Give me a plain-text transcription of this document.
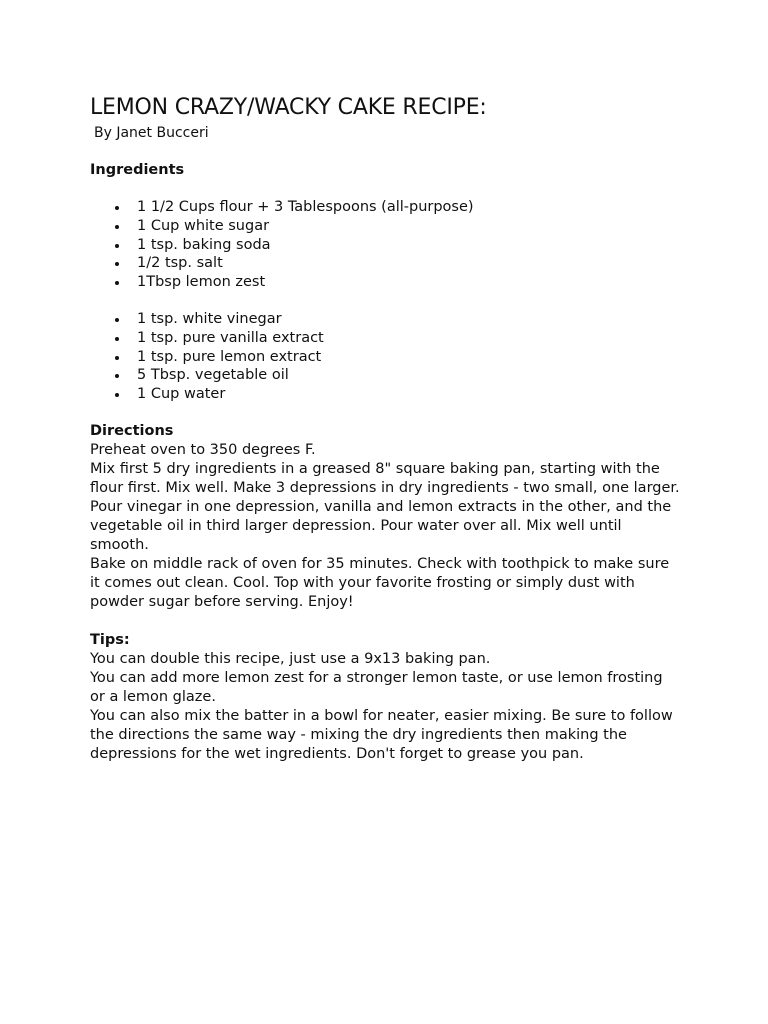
LEMON CRAZY/WACKY CAKE RECIPE:
By Janet Bucceri
Ingredients
1 1/2 Cups flour + 3 Tablespoons (all-purpose)
1 Cup white sugar
1 tsp. baking soda
1/2 tsp. salt
1Tbsp lemon zest
1 tsp. white vinegar
1 tsp. pure vanilla extract
1 tsp. pure lemon extract
5 Tbsp. vegetable oil
1 Cup water
Directions

Preheat oven to 350 degrees F.

Mix first 5 dry ingredients in a greased 8" square baking pan, starting with the flour first. Mix well. Make 3 depressions in dry ingredients - two small, one larger. Pour vinegar in one depression, vanilla and lemon extracts in the other, and the vegetable oil in third larger depression. Pour water over all. Mix well until smooth.

Bake on middle rack of oven for 35 minutes. Check with toothpick to make sure it comes out clean. Cool. Top with your favorite frosting or simply dust with powder sugar before serving. Enjoy!

Tips:

You can double this recipe, just use a 9x13 baking pan.

You can add more lemon zest for a stronger lemon taste, or use lemon frosting or a lemon glaze.

You can also mix the batter in a bowl for neater, easier mixing. Be sure to follow the directions the same way - mixing the dry ingredients then making the depressions for the wet ingredients. Don't forget to grease you pan.
